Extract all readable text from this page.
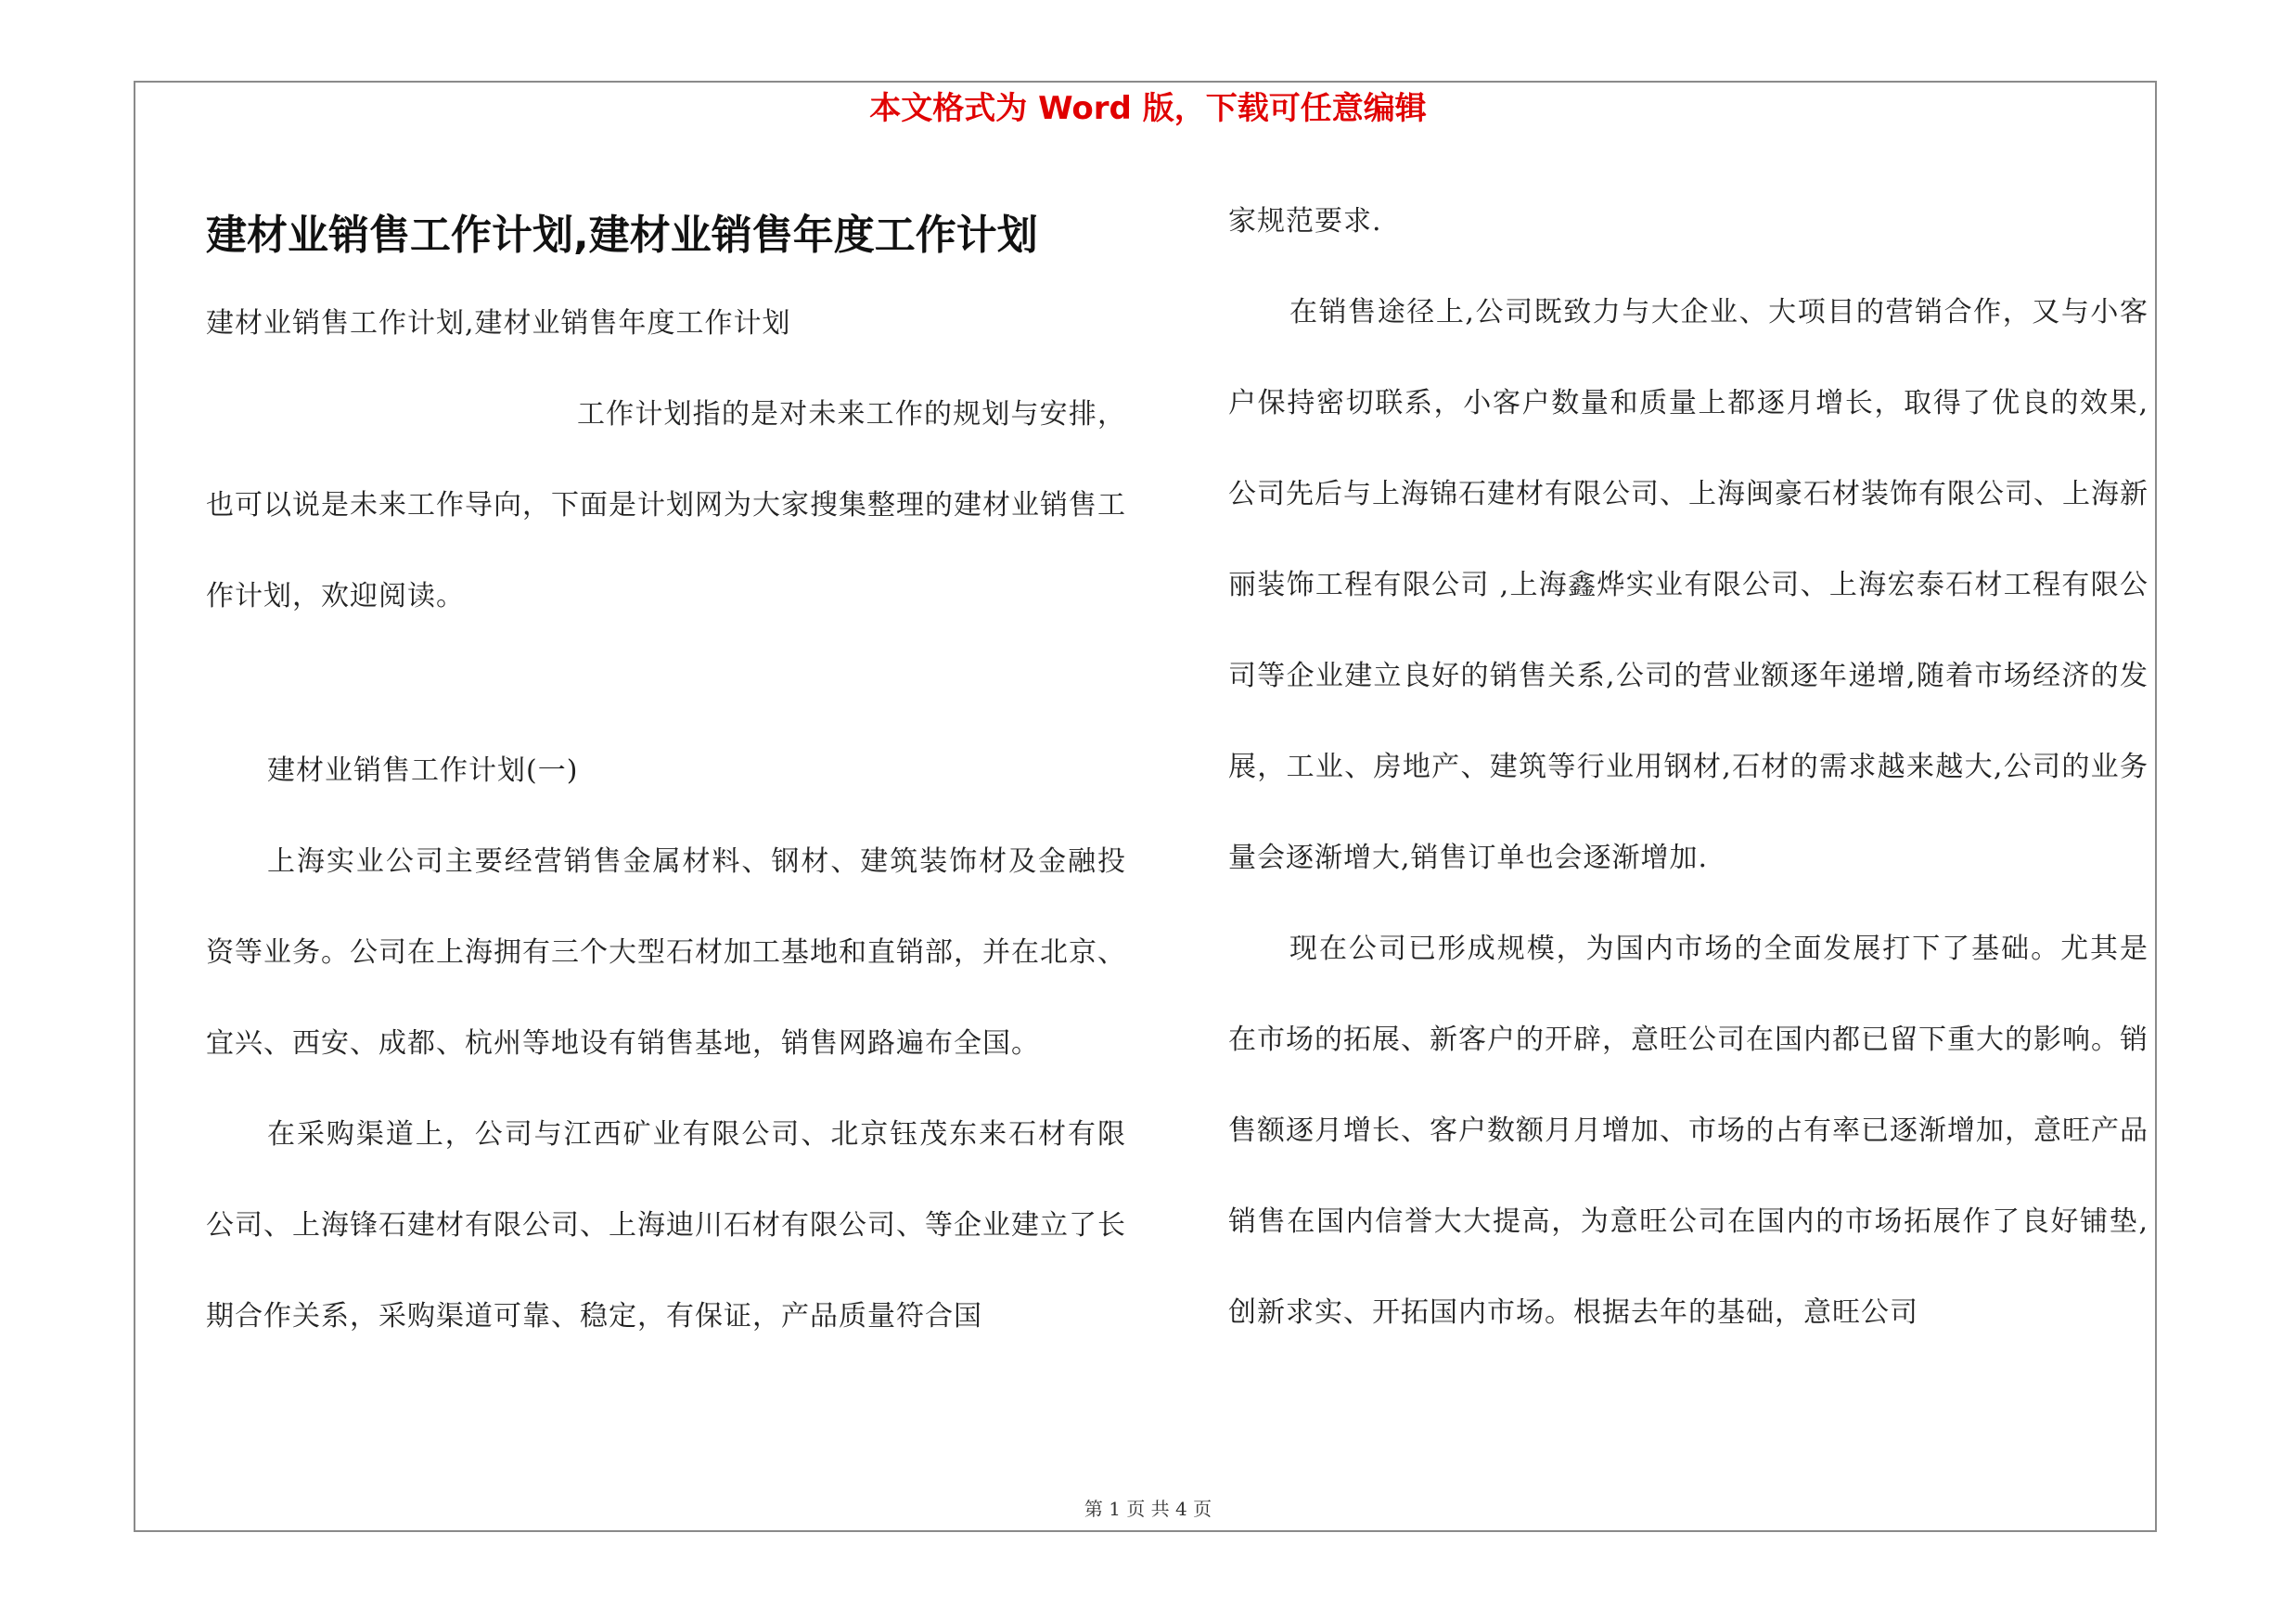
本文格式为 Word 版，下载可任意编辑
建材业销售工作计划,建材业销售年度工作计划

建材业销售工作计划,建材业销售年度工作计划

工作计划指的是对未来工作的规划与安排，也可以说是未来工作导向，下面是计划网为大家搜集整理的建材业销售工作计划，欢迎阅读。

建材业销售工作计划(一)

上海实业公司主要经营销售金属材料、钢材、建筑装饰材及金融投资等业务。公司在上海拥有三个大型石材加工基地和直销部，并在北京、宜兴、西安、成都、杭州等地设有销售基地，销售网路遍布全国。

在采购渠道上，公司与江西矿业有限公司、北京钰茂东来石材有限公司、上海锋石建材有限公司、上海迪川石材有限公司、等企业建立了长期合作关系，采购渠道可靠、稳定，有保证，产品质量符合国

家规范要求.

在销售途径上,公司既致力与大企业、大项目的营销合作，又与小客户保持密切联系，小客户数量和质量上都逐月增长，取得了优良的效果,公司先后与上海锦石建材有限公司、上海闽豪石材装饰有限公司、上海新丽装饰工程有限公司 ,上海鑫烨实业有限公司、上海宏泰石材工程有限公司等企业建立良好的销售关系,公司的营业额逐年递增,随着市场经济的发展，工业、房地产、建筑等行业用钢材,石材的需求越来越大,公司的业务量会逐渐增大,销售订单也会逐渐增加.

现在公司已形成规模，为国内市场的全面发展打下了基础。尤其是在市场的拓展、新客户的开辟，意旺公司在国内都已留下重大的影响。销售额逐月增长、客户数额月月增加、市场的占有率已逐渐增加，意旺产品销售在国内信誉大大提高，为意旺公司在国内的市场拓展作了良好铺垫,创新求实、开拓国内市场。根据去年的基础，意旺公司

第 1 页 共 4 页
